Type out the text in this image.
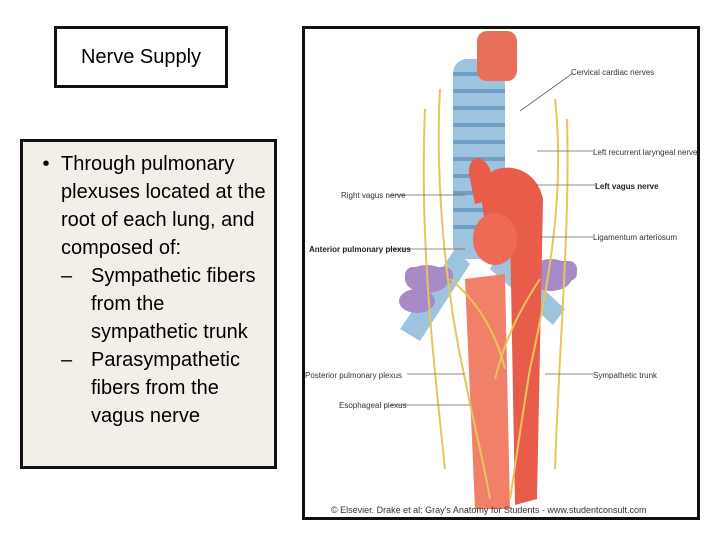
Nerve Supply
• Through pulmonary plexuses located at the root of each lung, and composed of:
– Sympathetic fibers from the sympathetic trunk
– Parasympathetic fibers from the vagus nerve
Cervical cardiac nerves
Left recurrent laryngeal nerve
Right vagus nerve
Left vagus nerve
Anterior pulmonary plexus
Ligamentum arteriosum
Posterior pulmonary plexus	Sympathetic trunk
Esophageal plexus
© Elsevier. Drake et al: Gray's Anatomy for Students - www.studentconsult.com
